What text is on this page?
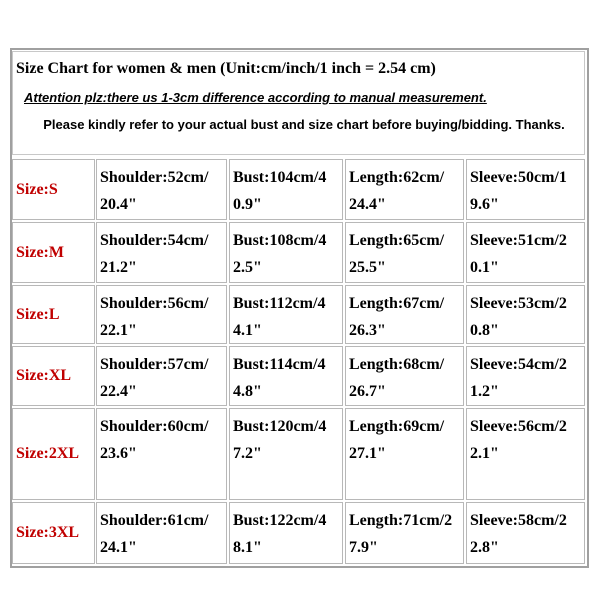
Size Chart for women & men (Unit:cm/inch/1 inch = 2.54 cm)

Attention plz:there us 1-3cm difference according to manual measurement.

Please kindly refer to your actual bust and size chart before buying/bidding. Thanks.

Size:S
Shoulder:52cm/
20.4"
Bust:104cm/4
0.9"
Length:62cm/
24.4"
Sleeve:50cm/1
9.6"
Size:M
Shoulder:54cm/
21.2"
Bust:108cm/4
2.5"
Length:65cm/
25.5"
Sleeve:51cm/2
0.1"
Size:L
Shoulder:56cm/
22.1"
Bust:112cm/4
4.1"
Length:67cm/
26.3"
Sleeve:53cm/2
0.8"
Size:XL
Shoulder:57cm/
22.4"
Bust:114cm/4
4.8"
Length:68cm/
26.7"
Sleeve:54cm/2
1.2"
Size:2XL
Shoulder:60cm/
23.6"
Bust:120cm/4
7.2"
Length:69cm/
27.1"
Sleeve:56cm/2
2.1"
Size:3XL
Shoulder:61cm/
24.1"
Bust:122cm/4
8.1"
Length:71cm/2
7.9"
Sleeve:58cm/2
2.8"
